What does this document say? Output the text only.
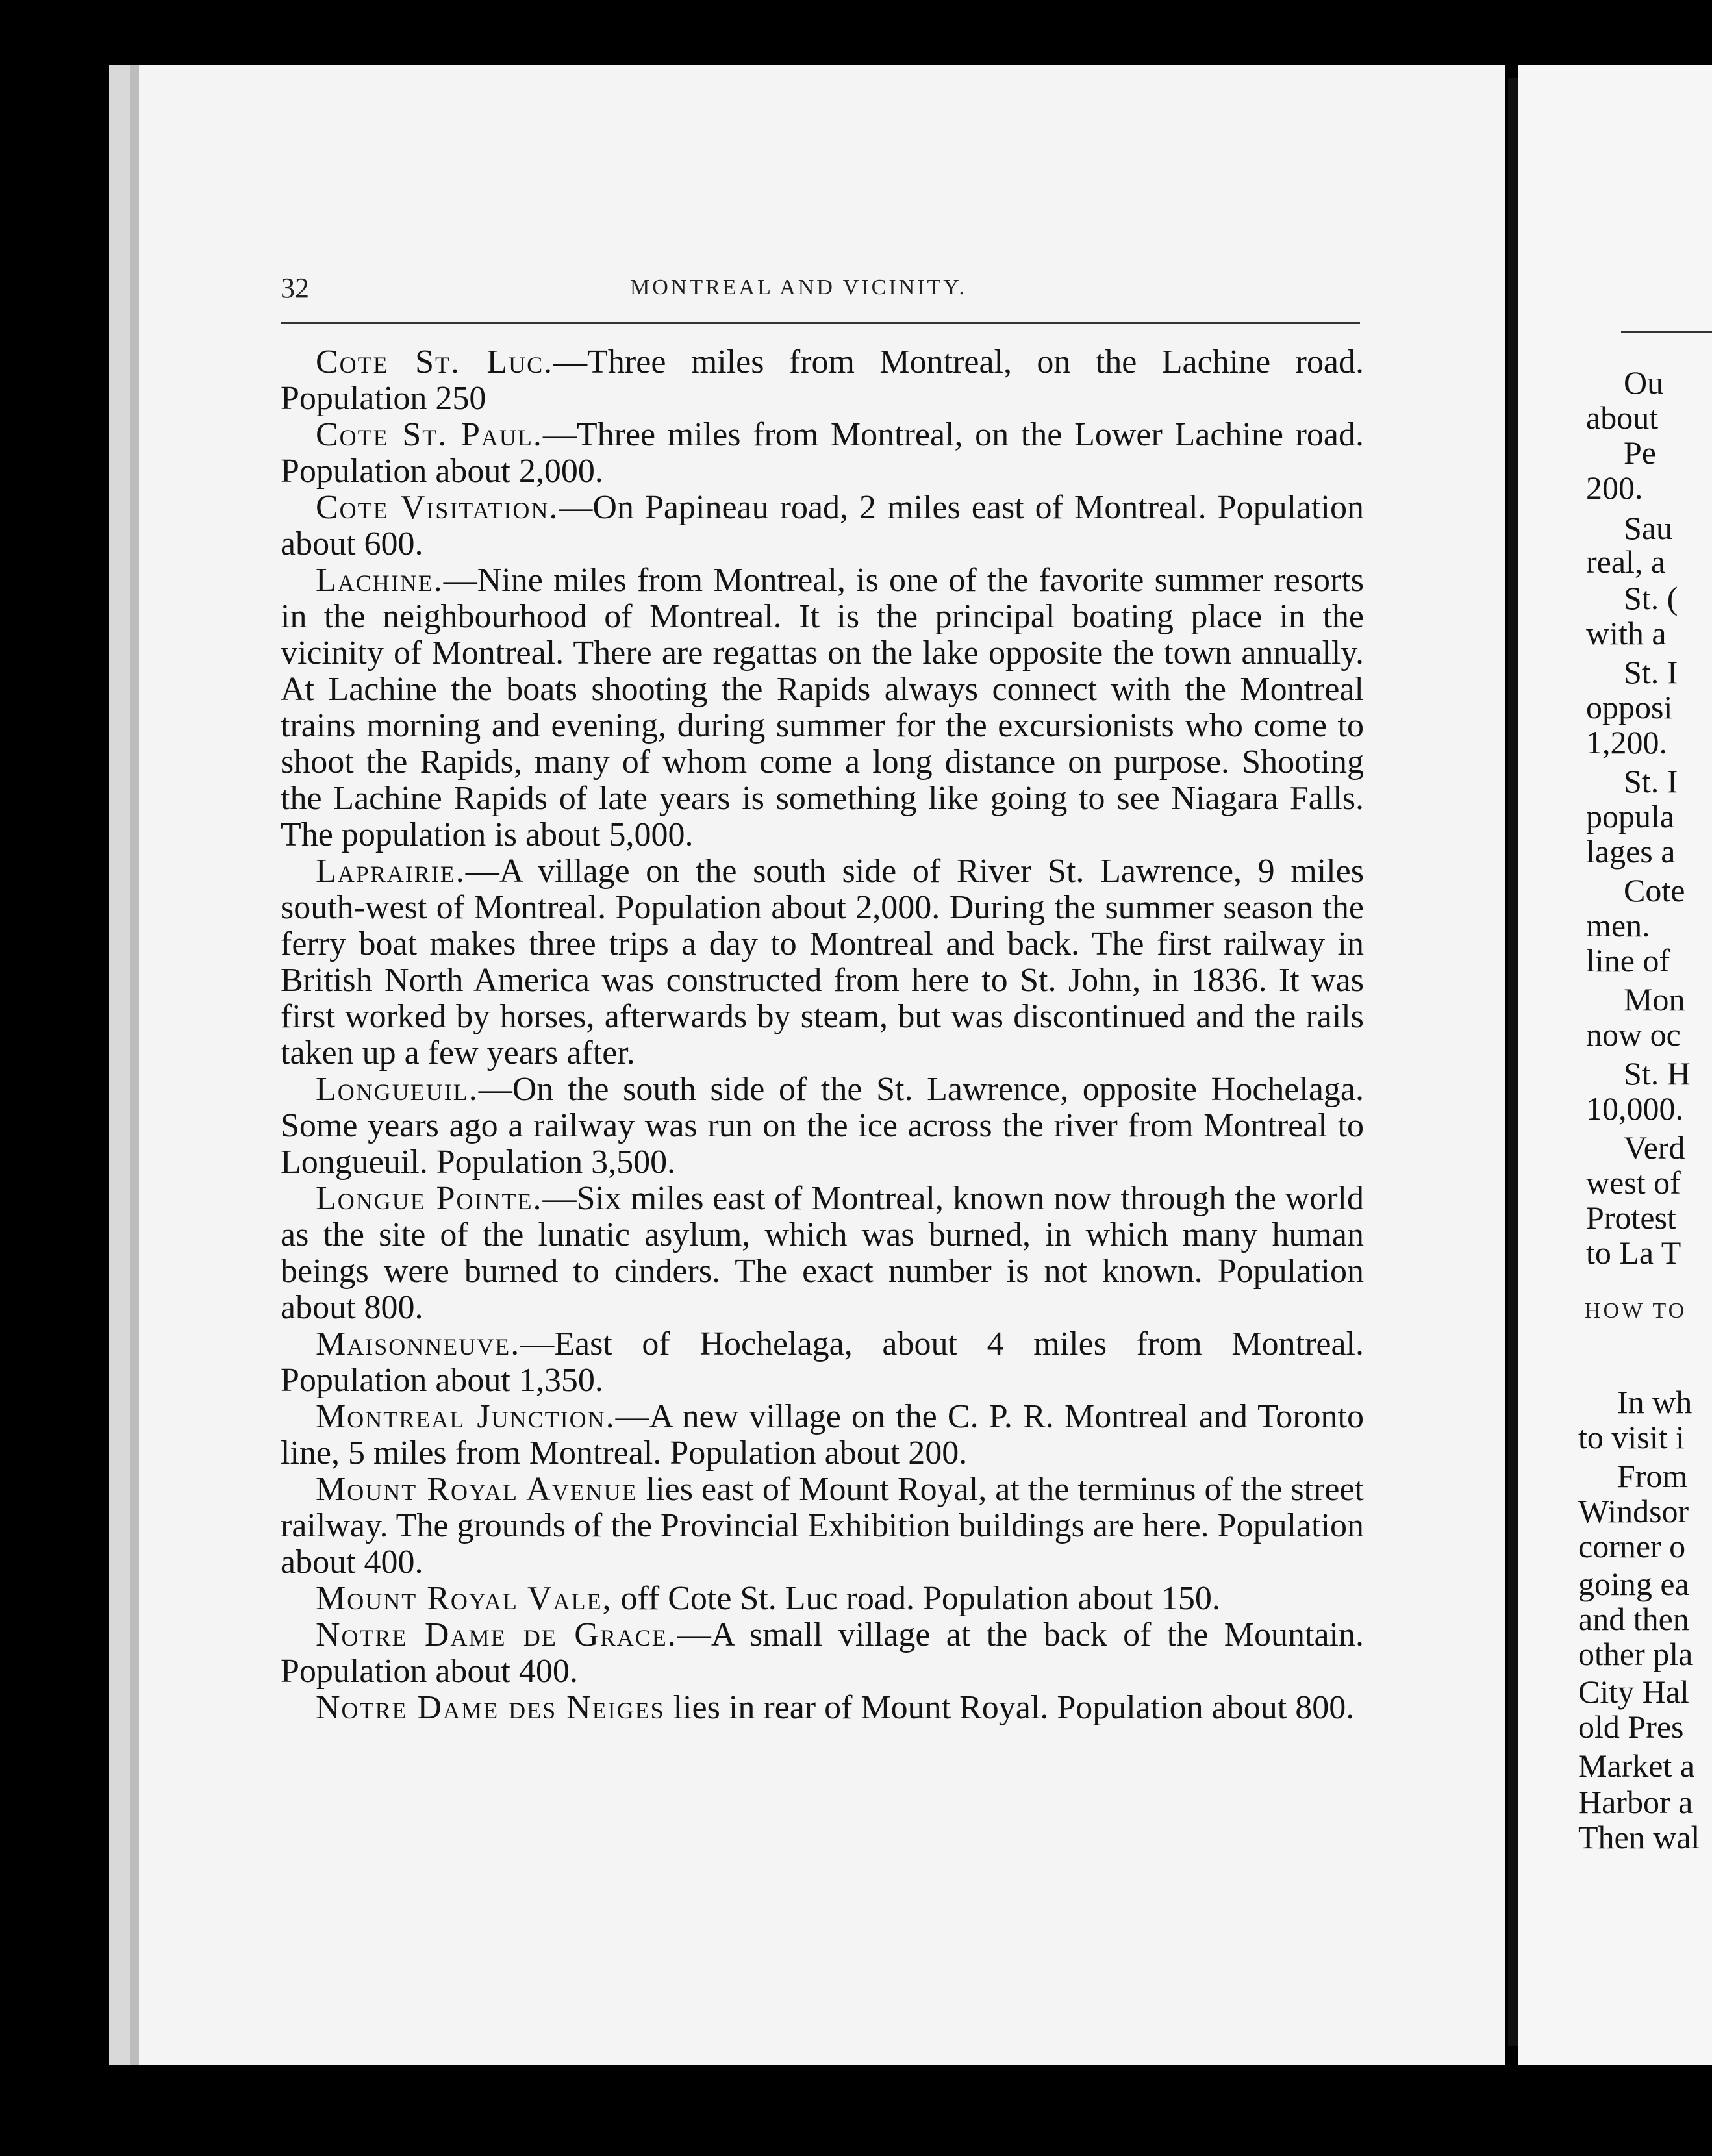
32	MONTREAL AND VICINITY.

Cote St. Luc.—Three miles from Montreal, on the Lachine road. Population 250

Cote St. Paul.—Three miles from Montreal, on the Lower Lachine road. Population about 2,000.

Cote Visitation.—On Papineau road, 2 miles east of Montreal. Population about 600.

Lachine.—Nine miles from Montreal, is one of the favorite summer resorts in the neighbourhood of Montreal. It is the principal boating place in the vicinity of Montreal. There are regattas on the lake opposite the town annually. At Lachine the boats shooting the Rapids always connect with the Montreal trains morning and evening, during summer for the excursionists who come to shoot the Rapids, many of whom come a long distance on purpose. Shooting the Lachine Rapids of late years is something like going to see Niagara Falls. The population is about 5,000.

Laprairie.—A village on the south side of River St. Lawrence, 9 miles south-west of Montreal. Population about 2,000. During the summer season the ferry boat makes three trips a day to Montreal and back. The first railway in British North America was constructed from here to St. John, in 1836. It was first worked by horses, afterwards by steam, but was discontinued and the rails taken up a few years after.

Longueuil.—On the south side of the St. Lawrence, opposite Hochelaga. Some years ago a railway was run on the ice across the river from Montreal to Longueuil. Population 3,500.

Longue Pointe.—Six miles east of Montreal, known now through the world as the site of the lunatic asylum, which was burned, in which many human beings were burned to cinders. The exact number is not known. Population about 800.

Maisonneuve.—East of Hochelaga, about 4 miles from Montreal. Population about 1,350.

Montreal Junction.—A new village on the C. P. R. Montreal and Toronto line, 5 miles from Montreal. Population about 200.

Mount Royal Avenue lies east of Mount Royal, at the terminus of the street railway. The grounds of the Provincial Exhibition buildings are here. Population about 400.

Mount Royal Vale, off Cote St. Luc road. Population about 150.

Notre Dame de Grace.—A small village at the back of the Mountain. Population about 400.

Notre Dame des Neiges lies in rear of Mount Royal. Population about 800.

Ou
about
Pe
200.
Sau
real, a
St. (
with a
St. I
opposi
1,200.
St. I
popula
lages a
Cote
men.
line of
Mon
now oc
St. H
10,000.
Verd
west of
Protest
to La T
HOW TO
In wh
to visit i
From
Windsor
corner o
going ea
and then
other pla
City Hal
old Pres
Market a
Harbor a
Then wal
